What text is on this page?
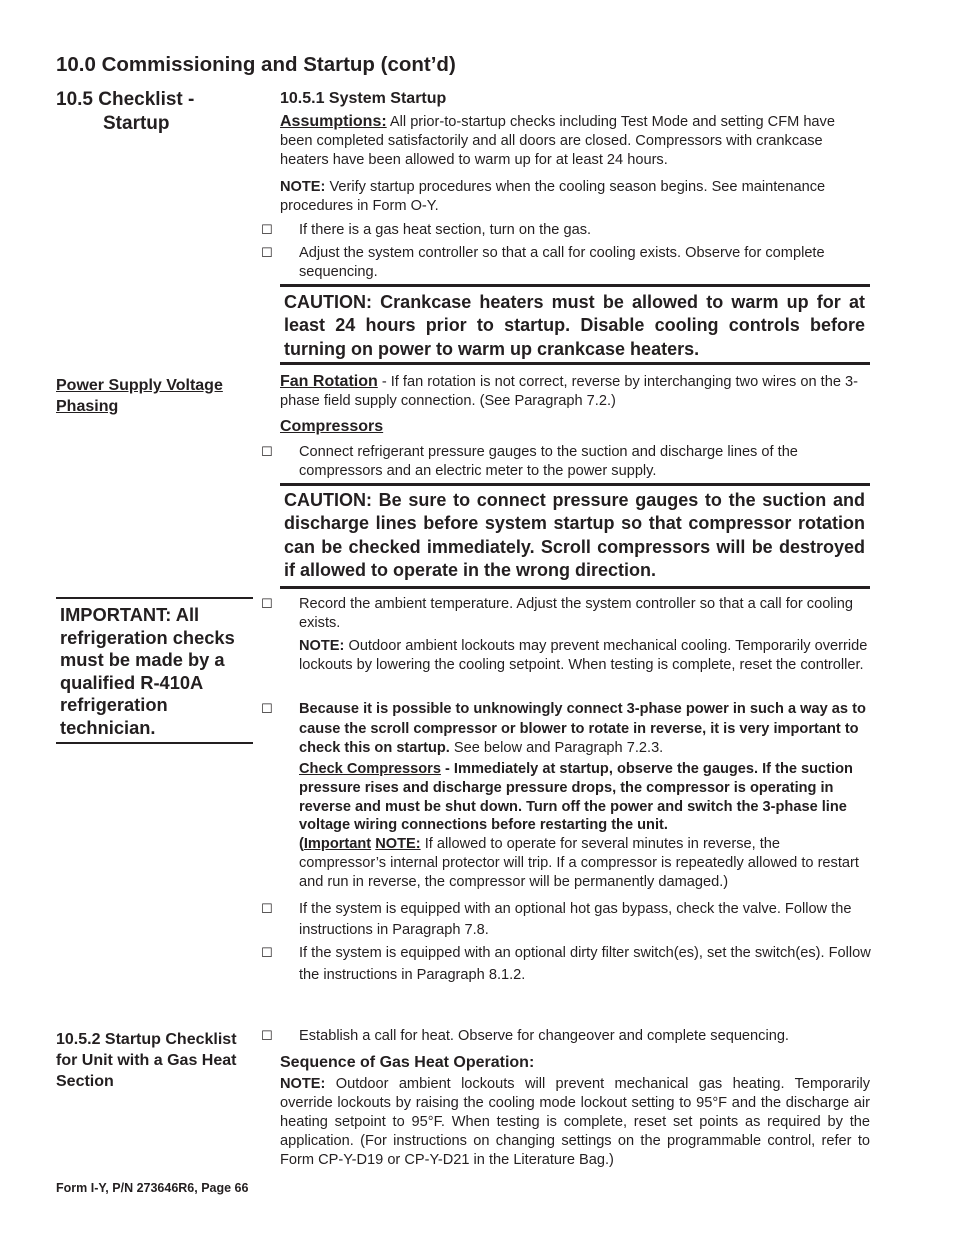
10.0 Commissioning and Startup (cont’d)
10.5 Checklist -
Startup
Power Supply Voltage
Phasing
IMPORTANT: All refrigeration checks must be made by a qualified R-410A refrigeration technician.
10.5.2 Startup Checklist for Unit with a Gas Heat Section
10.5.1 System Startup
Assumptions: All prior-to-startup checks including Test Mode and setting CFM have been completed satisfactorily and all doors are closed. Compressors with crankcase heaters have been allowed to warm up for at least 24 hours.
NOTE: Verify startup procedures when the cooling season begins. See maintenance procedures in Form O-Y.
☐ If there is a gas heat section, turn on the gas.
☐ Adjust the system controller so that a call for cooling exists. Observe for complete sequencing.
CAUTION: Crankcase heaters must be allowed to warm up for at least 24 hours prior to startup. Disable cooling controls before turning on power to warm up crankcase heaters.
Fan Rotation - If fan rotation is not correct, reverse by interchanging two wires on the 3-phase field supply connection. (See Paragraph 7.2.)
Compressors
☐ Connect refrigerant pressure gauges to the suction and discharge lines of the compressors and an electric meter to the power supply.
CAUTION: Be sure to connect pressure gauges to the suction and discharge lines before system startup so that compressor rotation can be checked immediately. Scroll compressors will be destroyed if allowed to operate in the wrong direction.
☐ Record the ambient temperature. Adjust the system controller so that a call for cooling exists.
NOTE: Outdoor ambient lockouts may prevent mechanical cooling. Temporarily override lockouts by lowering the cooling setpoint. When testing is complete, reset the controller.
☐ Because it is possible to unknowingly connect 3-phase power in such a way as to cause the scroll compressor or blower to rotate in reverse, it is very important to check this on startup. See below and Paragraph 7.2.3.
Check Compressors - Immediately at startup, observe the gauges. If the suction pressure rises and discharge pressure drops, the compressor is operating in reverse and must be shut down. Turn off the power and switch the 3-phase line voltage wiring connections before restarting the unit.
(Important NOTE: If allowed to operate for several minutes in reverse, the compressor’s internal protector will trip. If a compressor is repeatedly allowed to restart and run in reverse, the compressor will be permanently damaged.)
☐ If the system is equipped with an optional hot gas bypass, check the valve. Follow the instructions in Paragraph 7.8.
☐ If the system is equipped with an optional dirty filter switch(es), set the switch(es). Follow the instructions in Paragraph 8.1.2.
☐ Establish a call for heat. Observe for changeover and complete sequencing.
Sequence of Gas Heat Operation:
NOTE: Outdoor ambient lockouts will prevent mechanical gas heating. Temporarily override lockouts by raising the cooling mode lockout setting to 95°F and the discharge air heating setpoint to 95°F. When testing is complete, reset set points as required by the application. (For instructions on changing settings on the programmable control, refer to Form CP-Y-D19 or CP-Y-D21 in the Literature Bag.)
Form I-Y, P/N 273646R6, Page 66
